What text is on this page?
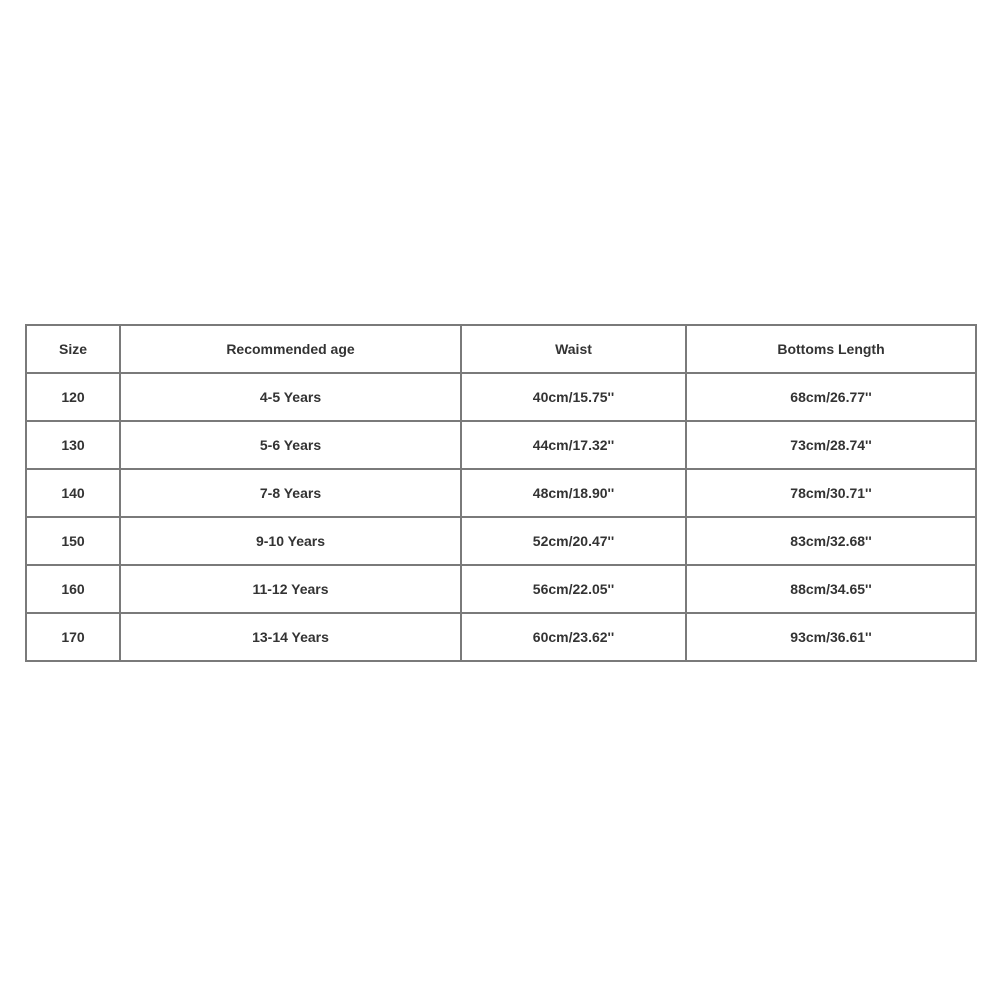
Size	Recommended age	Waist	Bottoms Length
120	4-5 Years	40cm/15.75''	68cm/26.77''
130	5-6 Years	44cm/17.32''	73cm/28.74''
140	7-8 Years	48cm/18.90''	78cm/30.71''
150	9-10 Years	52cm/20.47''	83cm/32.68''
160	11-12 Years	56cm/22.05''	88cm/34.65''
170	13-14 Years	60cm/23.62''	93cm/36.61''
